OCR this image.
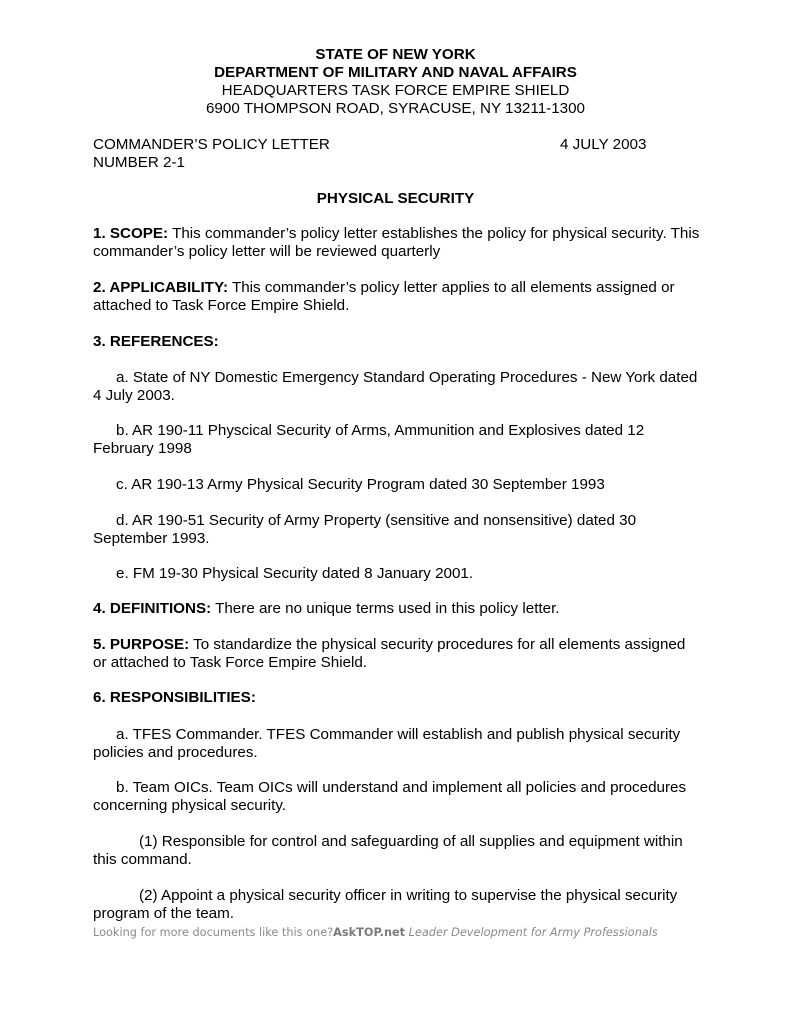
STATE OF NEW YORK
DEPARTMENT OF MILITARY AND NAVAL AFFAIRS
HEADQUARTERS TASK FORCE EMPIRE SHIELD
6900 THOMPSON ROAD, SYRACUSE, NY 13211-1300
COMMANDER’S POLICY LETTER	4 JULY 2003
NUMBER 2-1
PHYSICAL SECURITY
1. SCOPE: This commander’s policy letter establishes the policy for physical security. This commander’s policy letter will be reviewed quarterly
2. APPLICABILITY: This commander’s policy letter applies to all elements assigned or attached to Task Force Empire Shield.
3. REFERENCES:
a. State of NY Domestic Emergency Standard Operating Procedures - New York dated 4 July 2003.
b. AR 190-11 Physcical Security of Arms, Ammunition and Explosives dated 12 February 1998
c. AR 190-13 Army Physical Security Program dated 30 September 1993
d. AR 190-51 Security of Army Property (sensitive and nonsensitive) dated 30 September 1993.
e. FM 19-30 Physical Security dated 8 January 2001.
4. DEFINITIONS: There are no unique terms used in this policy letter.
5. PURPOSE: To standardize the physical security procedures for all elements assigned or attached to Task Force Empire Shield.
6. RESPONSIBILITIES:
a. TFES Commander. TFES Commander will establish and publish physical security policies and procedures.
b. Team OICs. Team OICs will understand and implement all policies and procedures concerning physical security.
(1) Responsible for control and safeguarding of all supplies and equipment within this command.
(2) Appoint a physical security officer in writing to supervise the physical security program of the team.
Looking for more documents like this one?AskTOP.net Leader Development for Army Professionals
